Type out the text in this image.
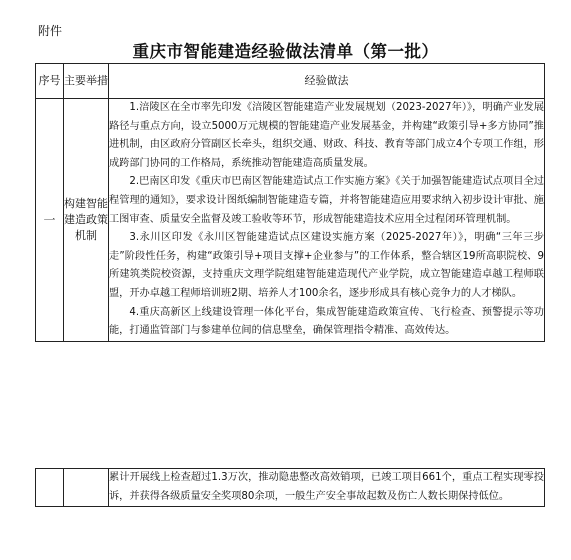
附件
重庆市智能建造经验做法清单（第一批）
序号	主要举措	经验做法
一	构建智能建造政策机制	1.涪陵区在全市率先印发《涪陵区智能建造产业发展规划（2023-2027年）》，明确产业发展路径与重点方向，设立5000万元规模的智能建造产业发展基金，并构建“政策引导+多方协同”推进机制，由区政府分管副区长牵头，组织交通、财政、科技、教育等部门成立4个专项工作组，形成跨部门协同的工作格局，系统推动智能建造高质量发展。

2.巴南区印发《重庆市巴南区智能建造试点工作实施方案》《关于加强智能建造试点项目全过程管理的通知》，要求设计图纸编制智能建造专篇，并将智能建造应用要求纳入初步设计审批、施工图审查、质量安全监督及竣工验收等环节，形成智能建造技术应用全过程闭环管理机制。

3.永川区印发《永川区智能建造试点区建设实施方案（2025-2027年）》，明确“三年三步走”阶段性任务，构建“政策引导+项目支撑+企业参与”的工作体系，整合辖区19所高职院校、9所建筑类院校资源，支持重庆文理学院组建智能建造现代产业学院，成立智能建造卓越工程师联盟，开办卓越工程师培训班2期、培养人才100余名，逐步形成具有核心竞争力的人才梯队。

4.重庆高新区上线建设管理一体化平台，集成智能建造政策宣传、飞行检查、预警提示等功能，打通监管部门与参建单位间的信息壁垒，确保管理指令精准、高效传达。

累计开展线上检查超过1.3万次，推动隐患整改高效销项，已竣工项目661个，重点工程实现零投诉，并获得各级质量安全奖项80余项，一般生产安全事故起数及伤亡人数长期保持低位。
